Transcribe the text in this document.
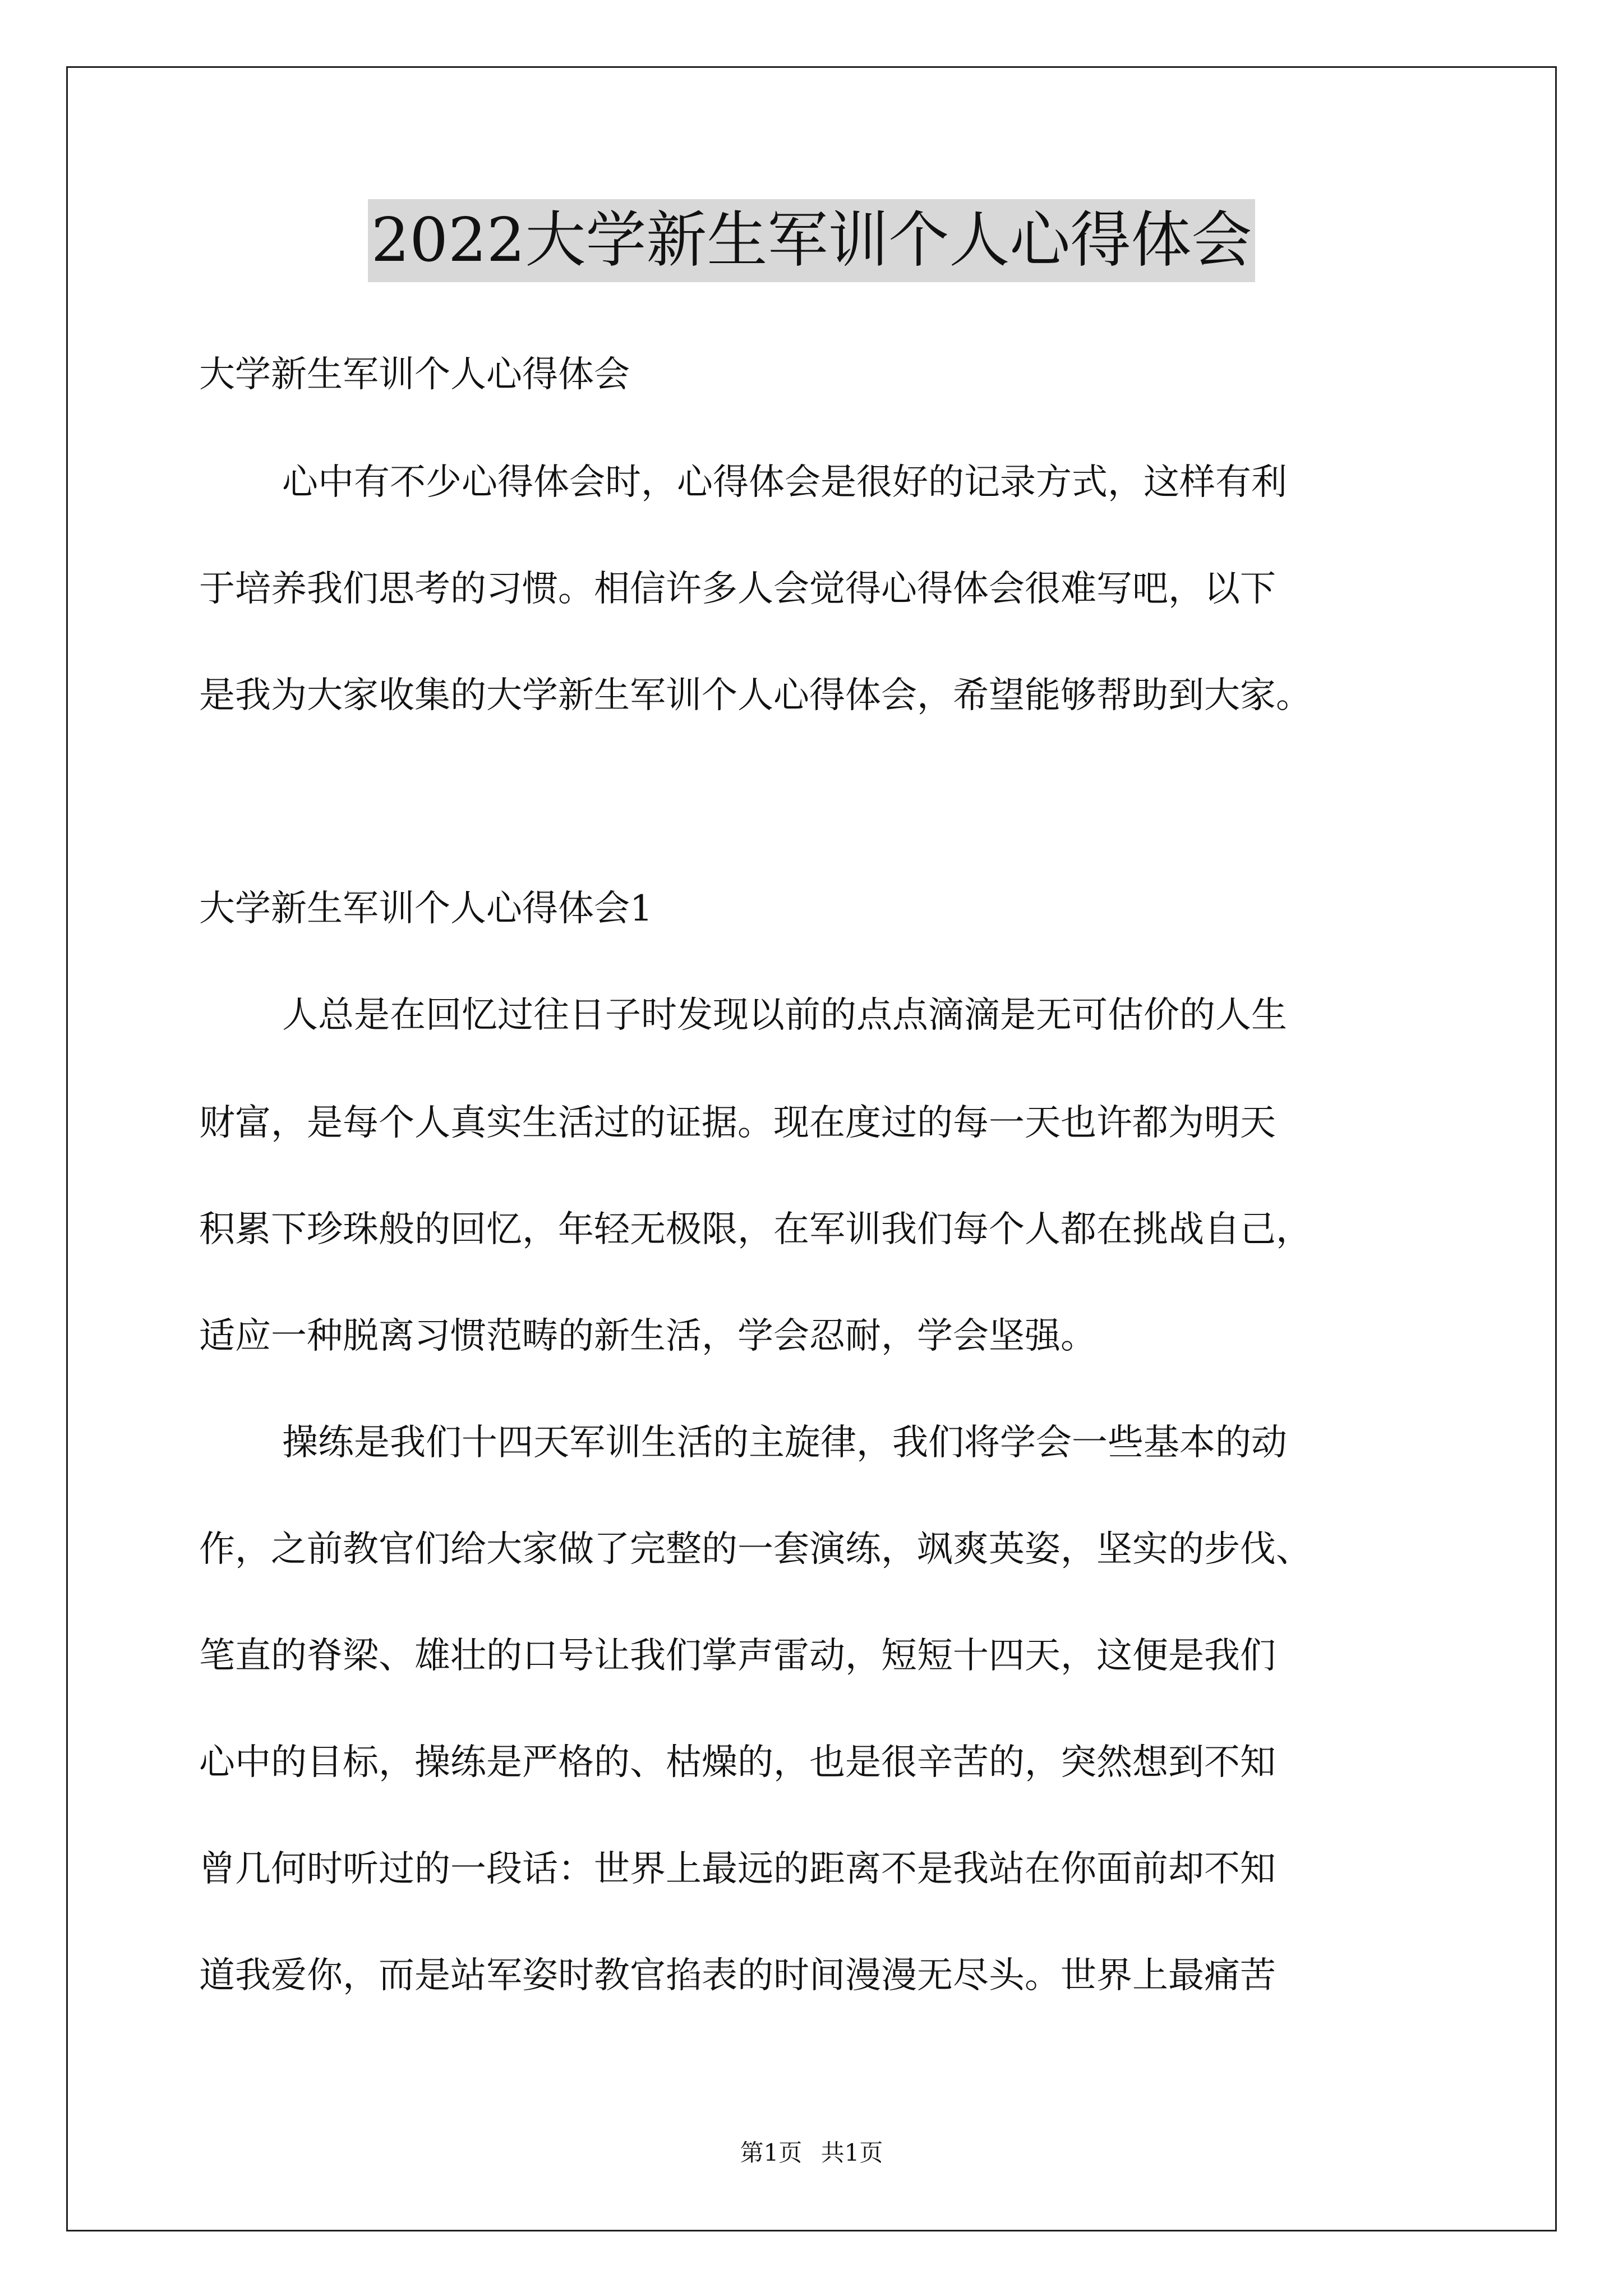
2022大学新生军训个人心得体会
大学新生军训个人心得体会
心中有不少心得体会时，心得体会是很好的记录方式，这样有利
于培养我们思考的习惯。相信许多人会觉得心得体会很难写吧，以下
是我为大家收集的大学新生军训个人心得体会，希望能够帮助到大家。
大学新生军训个人心得体会1
人总是在回忆过往日子时发现以前的点点滴滴是无可估价的人生
财富，是每个人真实生活过的证据。现在度过的每一天也许都为明天
积累下珍珠般的回忆，年轻无极限，在军训我们每个人都在挑战自己，
适应一种脱离习惯范畴的新生活，学会忍耐，学会坚强。
操练是我们十四天军训生活的主旋律，我们将学会一些基本的动
作，之前教官们给大家做了完整的一套演练，飒爽英姿，坚实的步伐、
笔直的脊梁、雄壮的口号让我们掌声雷动，短短十四天，这便是我们
心中的目标，操练是严格的、枯燥的，也是很辛苦的，突然想到不知
曾几何时听过的一段话：世界上最远的距离不是我站在你面前却不知
道我爱你，而是站军姿时教官掐表的时间漫漫无尽头。世界上最痛苦
第1页 共1页
